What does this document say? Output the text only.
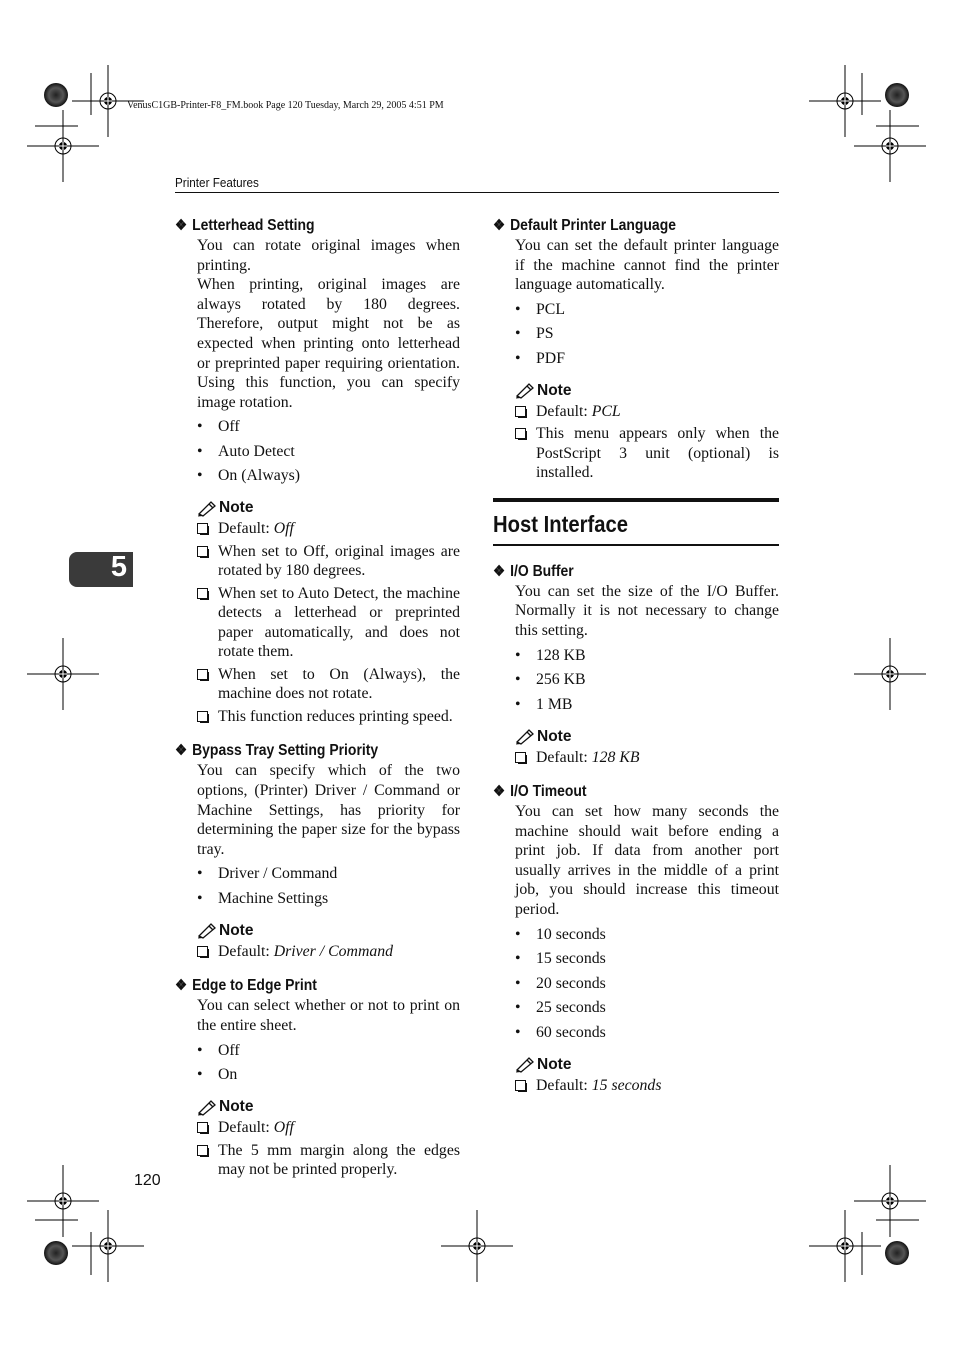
VenusC1GB-Printer-F8_FM.book Page 120 Tuesday, March 29, 2005 4:51 PM
Printer Features
5
120
❖ Letterhead Setting

You can rotate original images when printing.

When printing, original images are always rotated by 180 degrees. Therefore, output might not be as expected when printing onto letterhead or preprinted paper requiring orientation. Using this function, you can specify image rotation.

• Off
• Auto Detect
• On (Always)
Note
Default: Off
When set to Off, original images are rotated by 180 degrees.
When set to Auto Detect, the machine detects a letterhead or preprinted paper automatically, and does not rotate them.
When set to On (Always), the machine does not rotate.
This function reduces printing speed.
❖ Bypass Tray Setting Priority

You can specify which of the two options, (Printer) Driver / Command or Machine Settings, has priority for determining the paper size for the bypass tray.

• Driver / Command
• Machine Settings
Note
Default: Driver / Command
❖ Edge to Edge Print

You can select whether or not to print on the entire sheet.

• Off
• On
Note
Default: Off
The 5 mm margin along the edges may not be printed properly.
❖ Default Printer Language

You can set the default printer language if the machine cannot find the printer language automatically.

• PCL
• PS
• PDF
Note
Default: PCL
This menu appears only when the PostScript 3 unit (optional) is installed.
Host Interface
❖ I/O Buffer

You can set the size of the I/O Buffer. Normally it is not necessary to change this setting.

• 128 KB
• 256 KB
• 1 MB
Note
Default: 128 KB
❖ I/O Timeout

You can set how many seconds the machine should wait before ending a print job. If data from another port usually arrives in the middle of a print job, you should increase this timeout period.

• 10 seconds
• 15 seconds
• 20 seconds
• 25 seconds
• 60 seconds
Note
Default: 15 seconds
